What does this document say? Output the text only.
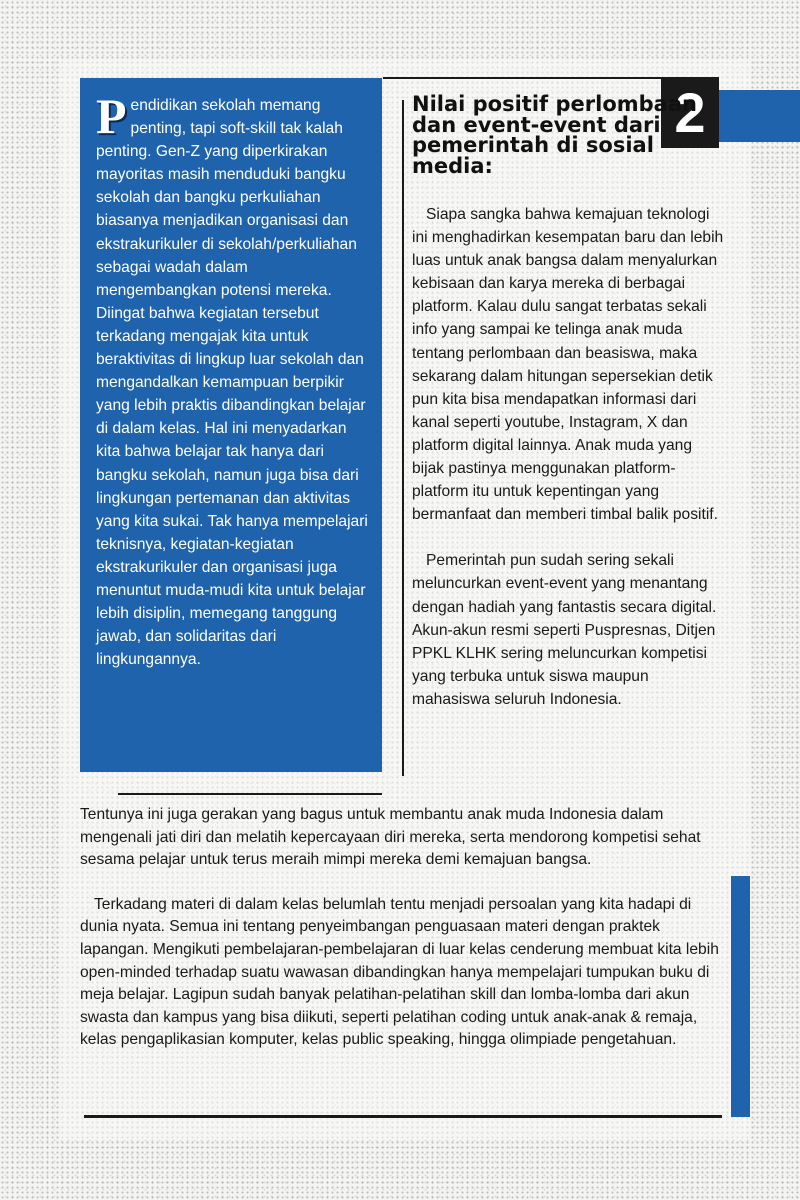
2

Pendidikan sekolah memang penting, tapi soft-skill tak kalah penting. Gen-Z yang diperkirakan mayoritas masih menduduki bangku sekolah dan bangku perkuliahan biasanya menjadikan organisasi dan ekstrakurikuler di sekolah/perkuliahan sebagai wadah dalam mengembangkan potensi mereka. Diingat bahwa kegiatan tersebut terkadang mengajak kita untuk beraktivitas di lingkup luar sekolah dan mengandalkan kemampuan berpikir yang lebih praktis dibandingkan belajar di dalam kelas. Hal ini menyadarkan kita bahwa belajar tak hanya dari bangku sekolah, namun juga bisa dari lingkungan pertemanan dan aktivitas yang kita sukai. Tak hanya mempelajari teknisnya, kegiatan-kegiatan ekstrakurikuler dan organisasi juga menuntut muda-mudi kita untuk belajar lebih disiplin, memegang tanggung jawab, dan solidaritas dari lingkungannya.

Nilai positif perlombaan dan event-event dari pemerintah di sosial media:

Siapa sangka bahwa kemajuan teknologi ini menghadirkan kesempatan baru dan lebih luas untuk anak bangsa dalam menyalurkan kebisaan dan karya mereka di berbagai platform. Kalau dulu sangat terbatas sekali info yang sampai ke telinga anak muda tentang perlombaan dan beasiswa, maka sekarang dalam hitungan sepersekian detik pun kita bisa mendapatkan informasi dari kanal seperti youtube, Instagram, X dan platform digital lainnya. Anak muda yang bijak pastinya menggunakan platform-platform itu untuk kepentingan yang bermanfaat dan memberi timbal balik positif.

Pemerintah pun sudah sering sekali meluncurkan event-event yang menantang dengan hadiah yang fantastis secara digital. Akun-akun resmi seperti Puspresnas, Ditjen PPKL KLHK sering meluncurkan kompetisi yang terbuka untuk siswa maupun mahasiswa seluruh Indonesia.

Tentunya ini juga gerakan yang bagus untuk membantu anak muda Indonesia dalam mengenali jati diri dan melatih kepercayaan diri mereka, serta mendorong kompetisi sehat sesama pelajar untuk terus meraih mimpi mereka demi kemajuan bangsa.

Terkadang materi di dalam kelas belumlah tentu menjadi persoalan yang kita hadapi di dunia nyata. Semua ini tentang penyeimbangan penguasaan materi dengan praktek lapangan. Mengikuti pembelajaran-pembelajaran di luar kelas cenderung membuat kita lebih open-minded terhadap suatu wawasan dibandingkan hanya mempelajari tumpukan buku di meja belajar. Lagipun sudah banyak pelatihan-pelatihan skill dan lomba-lomba dari akun swasta dan kampus yang bisa diikuti, seperti pelatihan coding untuk anak-anak & remaja, kelas pengaplikasian komputer, kelas public speaking, hingga olimpiade pengetahuan.
